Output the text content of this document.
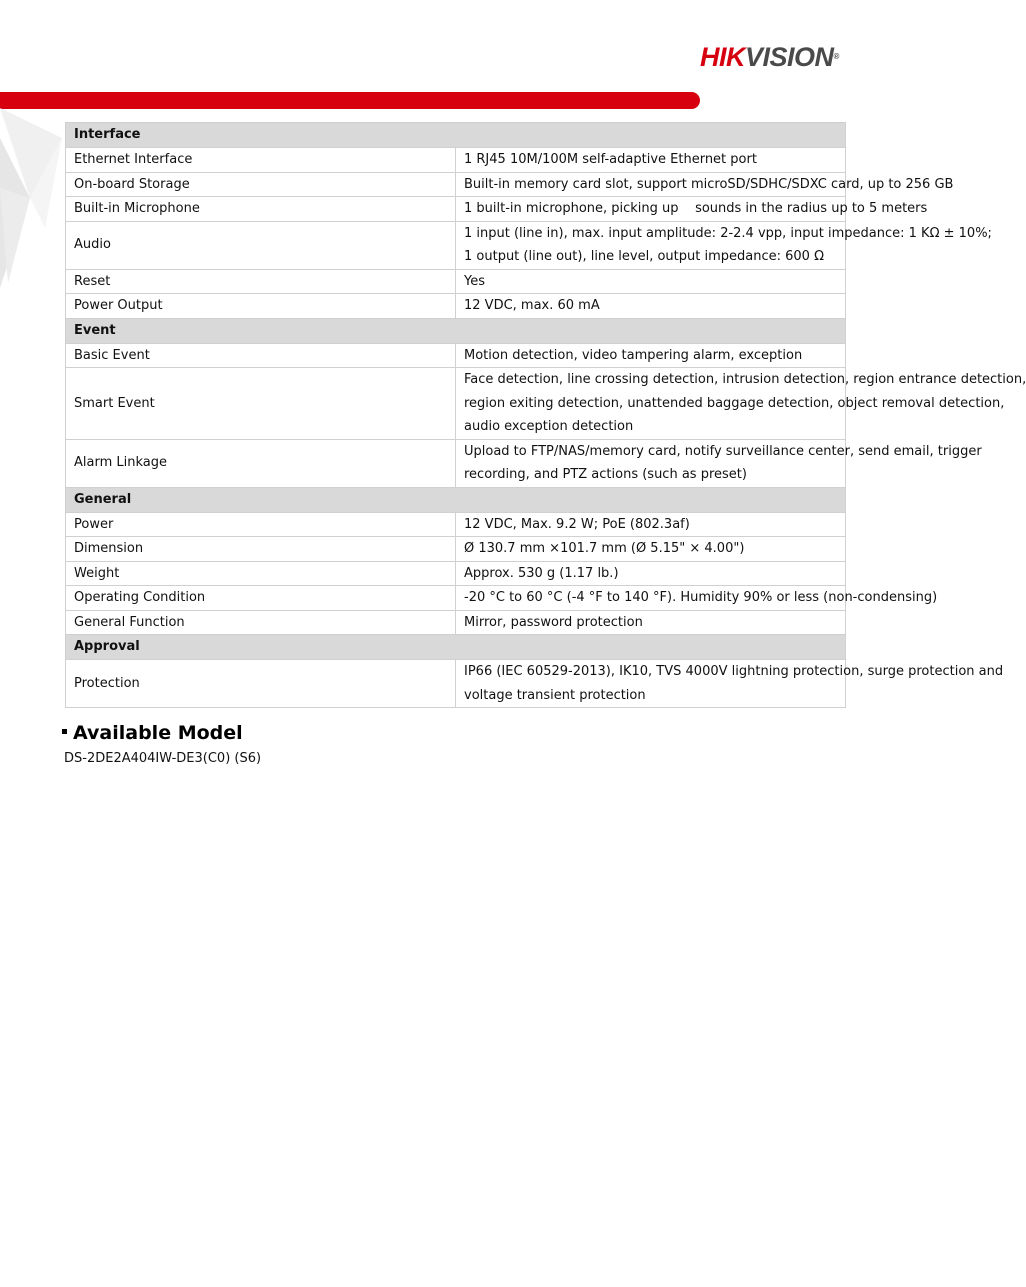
HIKVISION®
Interface	
Ethernet Interface	1 RJ45 10M/100M self-adaptive Ethernet port

On-board Storage	Built-in memory card slot, support microSD/SDHC/SDXC card, up to 256 GB

Built-in Microphone	1 built-in microphone, picking up    sounds in the radius up to 5 meters

Audio	1 input (line in), max. input amplitude: 2-2.4 vpp, input impedance: 1 KΩ ± 10%;
1 output (line out), line level, output impedance: 600 Ω

Reset	Yes

Power Output	12 VDC, max. 60 mA

Event	
Basic Event	Motion detection, video tampering alarm, exception

Smart Event	Face detection, line crossing detection, intrusion detection, region entrance detection,
region exiting detection, unattended baggage detection, object removal detection,
audio exception detection

Alarm Linkage	Upload to FTP/NAS/memory card, notify surveillance center, send email, trigger
recording, and PTZ actions (such as preset)

General	
Power	12 VDC, Max. 9.2 W; PoE (802.3af)

Dimension	Ø 130.7 mm ×101.7 mm (Ø 5.15" × 4.00")

Weight	Approx. 530 g (1.17 lb.)

Operating Condition	-20 °C to 60 °C (-4 °F to 140 °F). Humidity 90% or less (non-condensing)

General Function	Mirror, password protection

Approval	
Protection	IP66 (IEC 60529-2013), IK10, TVS 4000V lightning protection, surge protection and
voltage transient protection
Available Model
DS-2DE2A404IW-DE3(C0) (S6)
